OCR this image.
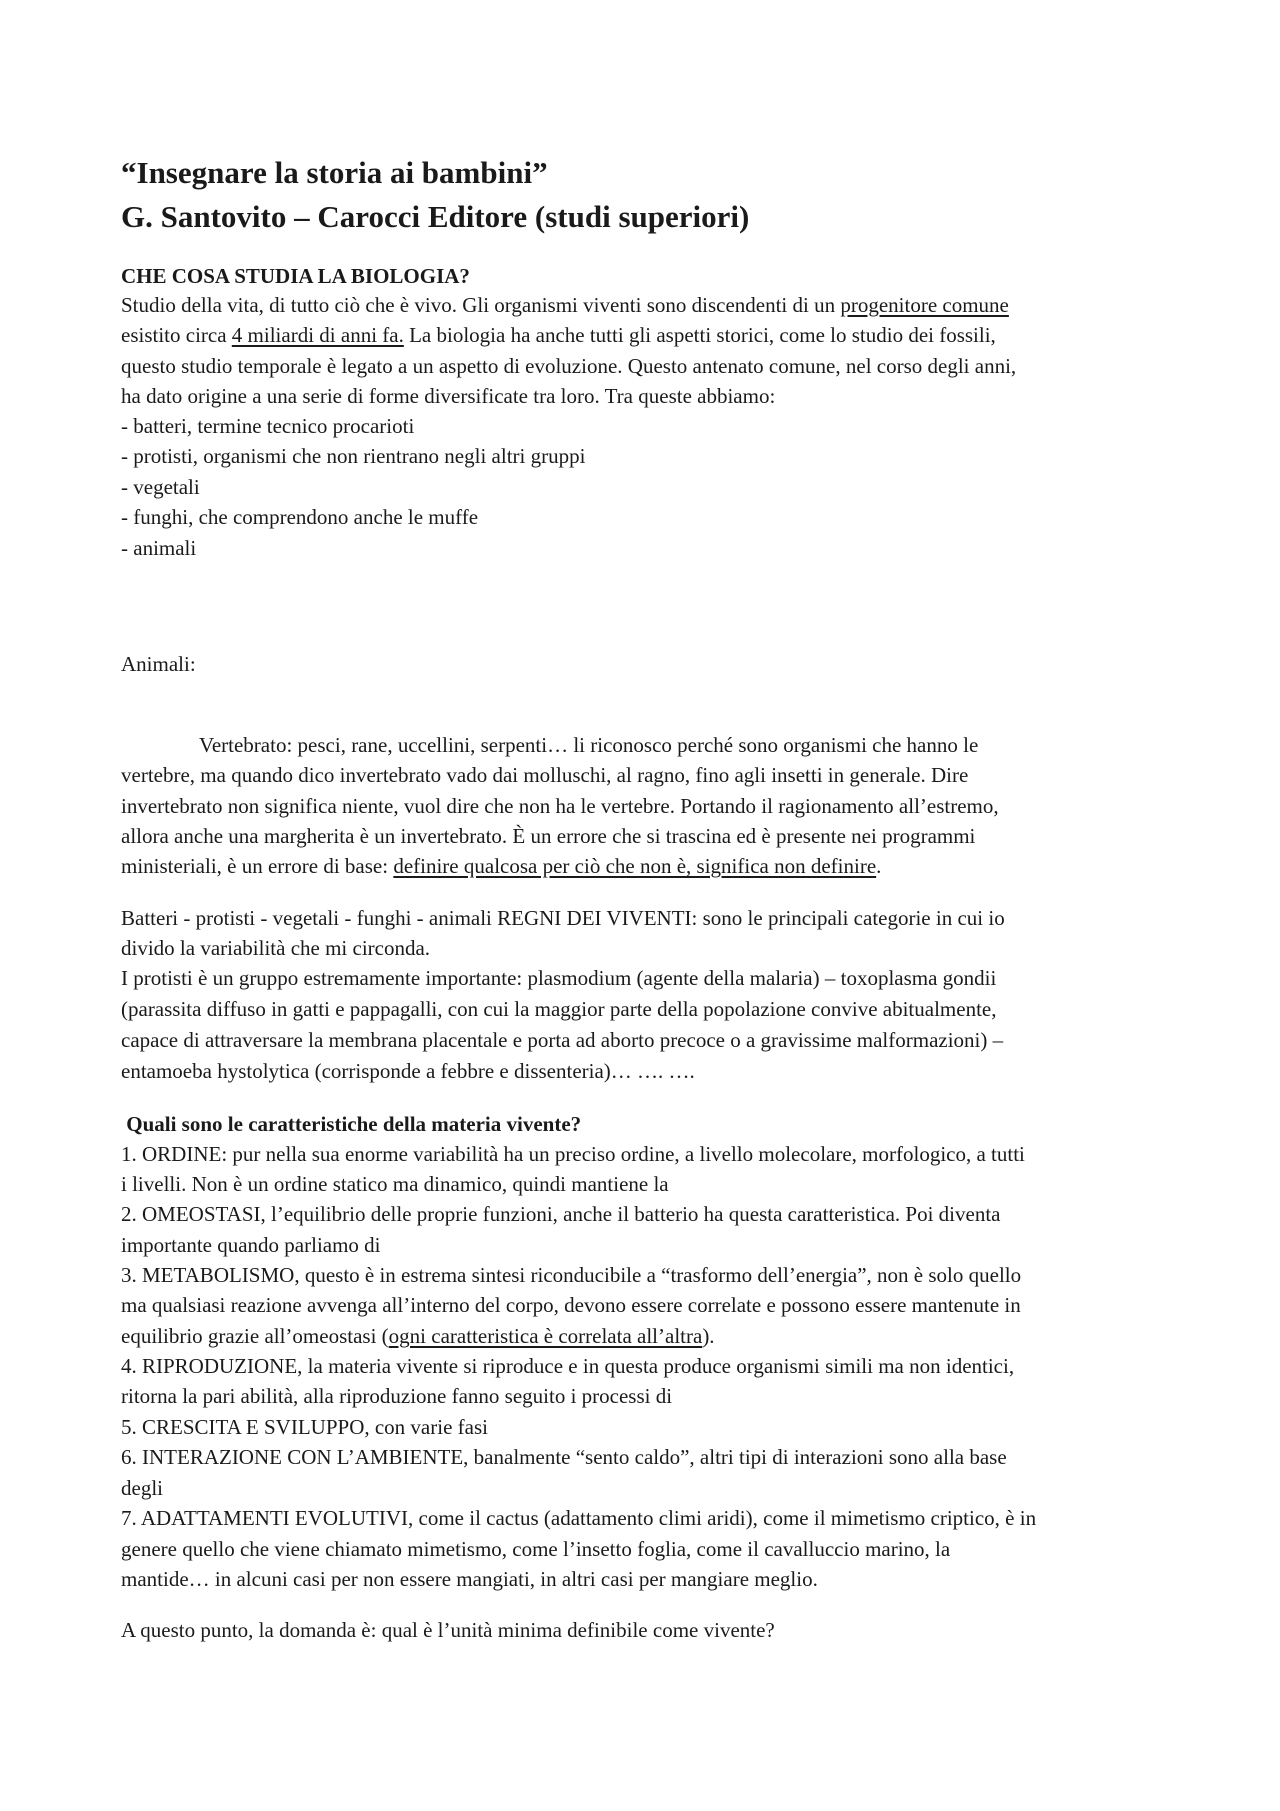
“Insegnare la storia ai bambini”
G. Santovito – Carocci Editore (studi superiori)
CHE COSA STUDIA LA BIOLOGIA?
Studio della vita, di tutto ciò che è vivo. Gli organismi viventi sono discendenti di un progenitore comune
esistito circa 4 miliardi di anni fa. La biologia ha anche tutti gli aspetti storici, come lo studio dei fossili,
questo studio temporale è legato a un aspetto di evoluzione. Questo antenato comune, nel corso degli anni,
ha dato origine a una serie di forme diversificate tra loro. Tra queste abbiamo:
- batteri, termine tecnico procarioti
- protisti, organismi che non rientrano negli altri gruppi
- vegetali
- funghi, che comprendono anche le muffe
- animali
Animali:
Vertebrato: pesci, rane, uccellini, serpenti… li riconosco perché sono organismi che hanno le
vertebre, ma quando dico invertebrato vado dai molluschi, al ragno, fino agli insetti in generale. Dire
invertebrato non significa niente, vuol dire che non ha le vertebre. Portando il ragionamento all’estremo,
allora anche una margherita è un invertebrato. È un errore che si trascina ed è presente nei programmi
ministeriali, è un errore di base: definire qualcosa per ciò che non è, significa non definire.
Batteri - protisti - vegetali - funghi - animali REGNI DEI VIVENTI: sono le principali categorie in cui io
divido la variabilità che mi circonda.
I protisti è un gruppo estremamente importante: plasmodium (agente della malaria) – toxoplasma gondii
(parassita diffuso in gatti e pappagalli, con cui la maggior parte della popolazione convive abitualmente,
capace di attraversare la membrana placentale e porta ad aborto precoce o a gravissime malformazioni) –
entamoeba hystolytica (corrisponde a febbre e dissenteria)… …. ….
Quali sono le caratteristiche della materia vivente?
1. ORDINE: pur nella sua enorme variabilità ha un preciso ordine, a livello molecolare, morfologico, a tutti
i livelli. Non è un ordine statico ma dinamico, quindi mantiene la
2. OMEOSTASI, l’equilibrio delle proprie funzioni, anche il batterio ha questa caratteristica. Poi diventa
importante quando parliamo di
3. METABOLISMO, questo è in estrema sintesi riconducibile a “trasformo dell’energia”, non è solo quello
ma qualsiasi reazione avvenga all’interno del corpo, devono essere correlate e possono essere mantenute in
equilibrio grazie all’omeostasi (ogni caratteristica è correlata all’altra).
4. RIPRODUZIONE, la materia vivente si riproduce e in questa produce organismi simili ma non identici,
ritorna la pari abilità, alla riproduzione fanno seguito i processi di
5. CRESCITA E SVILUPPO, con varie fasi
6. INTERAZIONE CON L’AMBIENTE, banalmente “sento caldo”, altri tipi di interazioni sono alla base
degli
7. ADATTAMENTI EVOLUTIVI, come il cactus (adattamento climi aridi), come il mimetismo criptico, è in
genere quello che viene chiamato mimetismo, come l’insetto foglia, come il cavalluccio marino, la
mantide… in alcuni casi per non essere mangiati, in altri casi per mangiare meglio.
A questo punto, la domanda è: qual è l’unità minima definibile come vivente?
